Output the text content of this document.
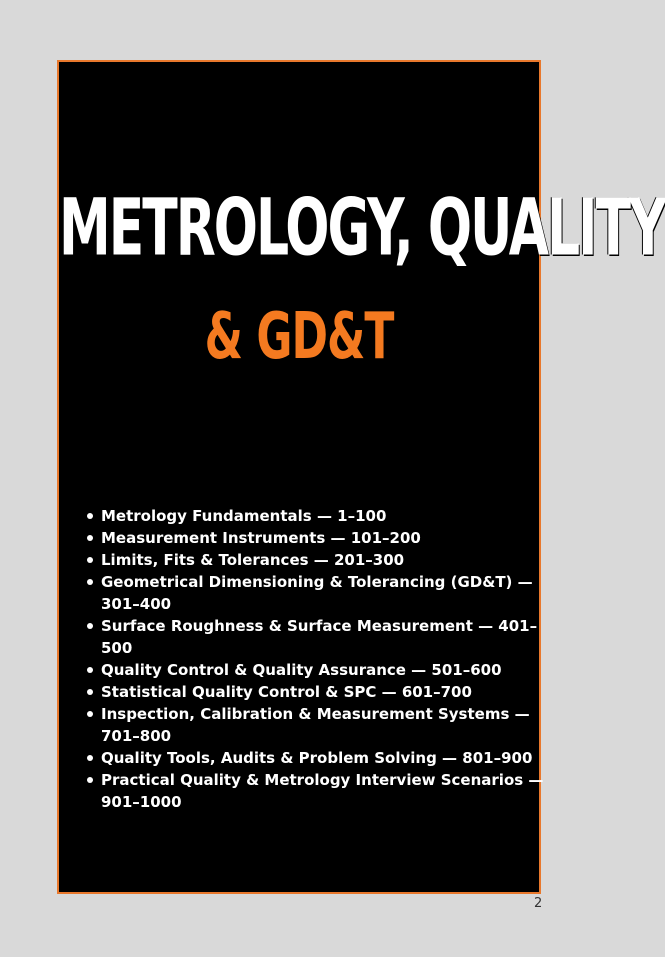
METROLOGY, QUALITY
& GD&T
Metrology Fundamentals — 1–100
Measurement Instruments — 101–200
Limits, Fits & Tolerances — 201–300
Geometrical Dimensioning & Tolerancing (GD&T) — 301–400
Surface Roughness & Surface Measurement — 401–500
Quality Control & Quality Assurance — 501–600
Statistical Quality Control & SPC — 601–700
Inspection, Calibration & Measurement Systems — 701–800
Quality Tools, Audits & Problem Solving — 801–900
Practical Quality & Metrology Interview Scenarios — 901–1000
2
